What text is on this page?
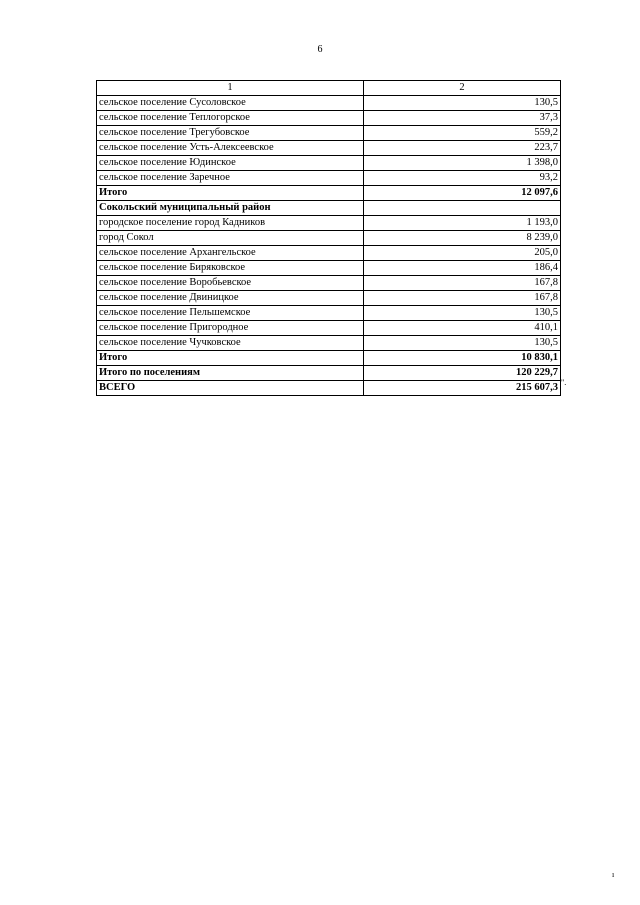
6
1	2
сельское поселение Сусоловское	130,5
сельское поселение Теплогорское	37,3
сельское поселение Трегубовское	559,2
сельское поселение Усть-Алексеевское	223,7
сельское поселение Юдинское	1 398,0
сельское поселение Заречное	93,2
Итого	12 097,6
Сокольский муниципальный район	
городское поселение город Кадников	1 193,0
город Сокол	8 239,0
сельское поселение Архангельское	205,0
сельское поселение Биряковское	186,4
сельское поселение Воробьевское	167,8
сельское поселение Двиницкое	167,8
сельское поселение Пельшемское	130,5
сельское поселение Пригородное	410,1
сельское поселение Чучковское	130,5
Итого	10 830,1
Итого по поселениям	120 229,7
ВСЕГО	215 607,3 ".
ı
